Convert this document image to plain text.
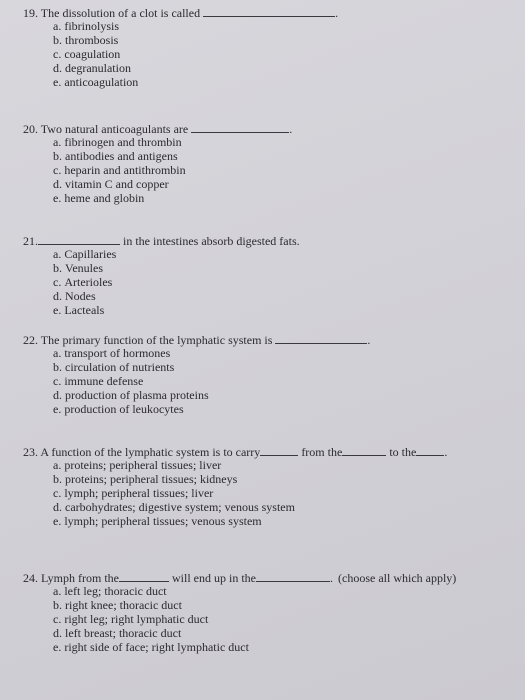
19. The dissolution of a clot is called	.
a. fibrinolysis
b. thrombosis
c. coagulation
d. degranulation
e. anticoagulation
20. Two natural anticoagulants are	.
a. fibrinogen and thrombin
b. antibodies and antigens
c. heparin and antithrombin
d. vitamin C and copper
e. heme and globin
21.	in the intestines absorb digested fats.
a. Capillaries
b. Venules
c. Arterioles
d. Nodes
e. Lacteals
22. The primary function of the lymphatic system is	.
a. transport of hormones
b. circulation of nutrients
c. immune defense
d. production of plasma proteins
e. production of leukocytes
23. A function of the lymphatic system is to carry	from the	to the .
a. proteins; peripheral tissues; liver
b. proteins; peripheral tissues; kidneys
c. lymph; peripheral tissues; liver
d. carbohydrates; digestive system; venous system
e. lymph; peripheral tissues; venous system
24. Lymph from the	will end up in the	. (choose all which apply)
a. left leg; thoracic duct
b. right knee; thoracic duct
c. right leg; right lymphatic duct
d. left breast; thoracic duct
e. right side of face; right lymphatic duct
